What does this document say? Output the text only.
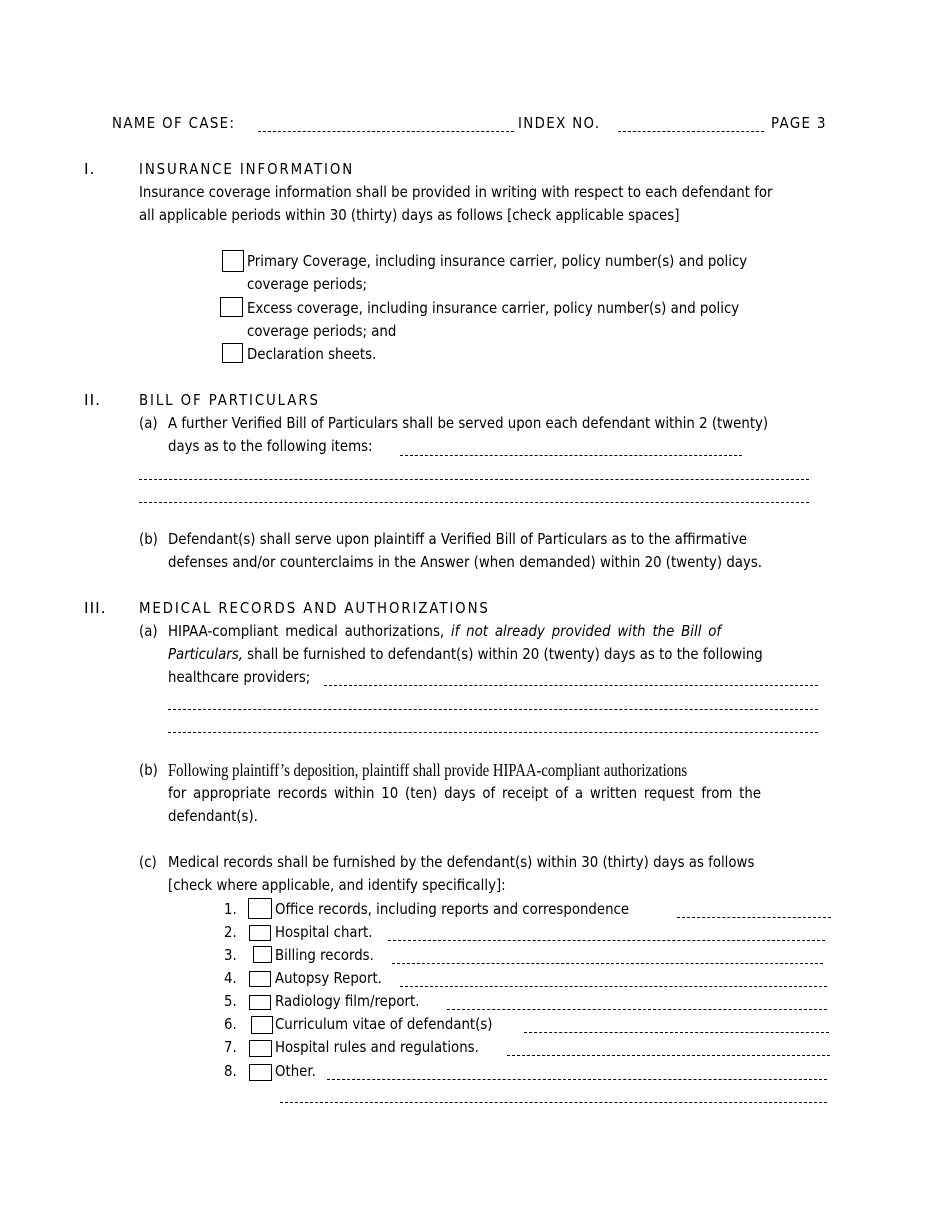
NAME OF CASE:	INDEX NO.	PAGE 3
I.	INSURANCE INFORMATION
Insurance coverage information shall be provided in writing with respect to each defendant for
all applicable periods within 30 (thirty) days as follows [check applicable spaces]
Primary Coverage, including insurance carrier, policy number(s) and policy
coverage periods;
Excess coverage, including insurance carrier, policy number(s) and policy
coverage periods; and
Declaration sheets.
II. BILL OF PARTICULARS
(a) A further Verified Bill of Particulars shall be served upon each defendant within 2 (twenty)
days as to the following items:
(b) Defendant(s) shall serve upon plaintiff a Verified Bill of Particulars as to the affirmative
defenses and/or counterclaims in the Answer (when demanded) within 20 (twenty) days.
III. MEDICAL RECORDS AND AUTHORIZATIONS
(a) HIPAA-compliant medical authorizations, if not already provided with the Bill of
Particulars, shall be furnished to defendant(s) within 20 (twenty) days as to the following
healthcare providers;
(b) Following plaintiff’s deposition, plaintiff shall provide HIPAA-compliant authorizations
for appropriate records within 10 (ten) days of receipt of a written request from the
defendant(s).
(c) Medical records shall be furnished by the defendant(s) within 30 (thirty) days as follows
[check where applicable, and identify specifically]:
1. Office records, including reports and correspondence
2. Hospital chart.
3. Billing records.
4. Autopsy Report.
5. Radiology film/report.
6. Curriculum vitae of defendant(s)
7. Hospital rules and regulations.
8. Other.
